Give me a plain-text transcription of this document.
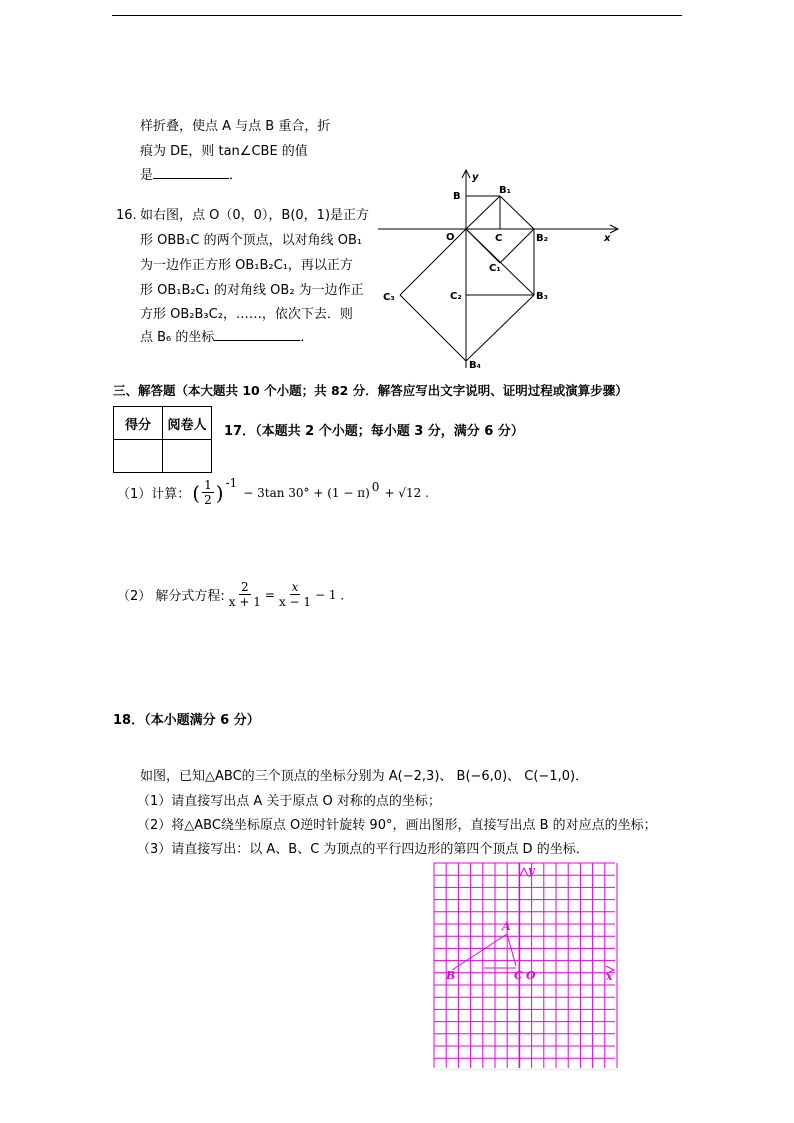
样折叠，使点 A 与点 B 重合，折
痕为 DE，则 tan∠CBE 的值
是	．
16. 如右图，点 O（0，0），B(0，1)是正方
形 OBB₁C 的两个顶点，以对角线 OB₁
为一边作正方形 OB₁B₂C₁，再以正方
形 OB₁B₂C₁ 的对角线 OB₂ 为一边作正
方形 OB₂B₃C₂，……，依次下去．则
点 B₆ 的坐标	．
y
x
B
B₁
O	C	B₂
C₁
C₂	B₃
C₃
B₄
三、解答题（本大题共 10 个小题；共 82 分．解答应写出文字说明、证明过程或演算步骤）
得分	阅卷人
	17．（本题共 2 个小题；每小题 3 分，满分 6 分）
（1）计算： ( $\frac{1}{2}$ ) -1
− 3tan 30° + (1 − π) 0 + √12 .
（2） 解分式方程: $\frac{2}{x + 1} = \frac{x}{x - 1} - 1$ ．
18．（本小题满分 6 分）
如图，已知△ABC的三个顶点的坐标分别为 A(−2,3)、 B(−6,0)、 C(−1,0)．
（1）请直接写出点 A 关于原点 O 对称的点的坐标；
（2）将△ABC绕坐标原点 O逆时针旋转 90°，画出图形，直接写出点 B 的对应点的坐标；
（3）请直接写出：以 A、B、C 为顶点的平行四边形的第四个顶点 D 的坐标．
y
x
A
B	C O
